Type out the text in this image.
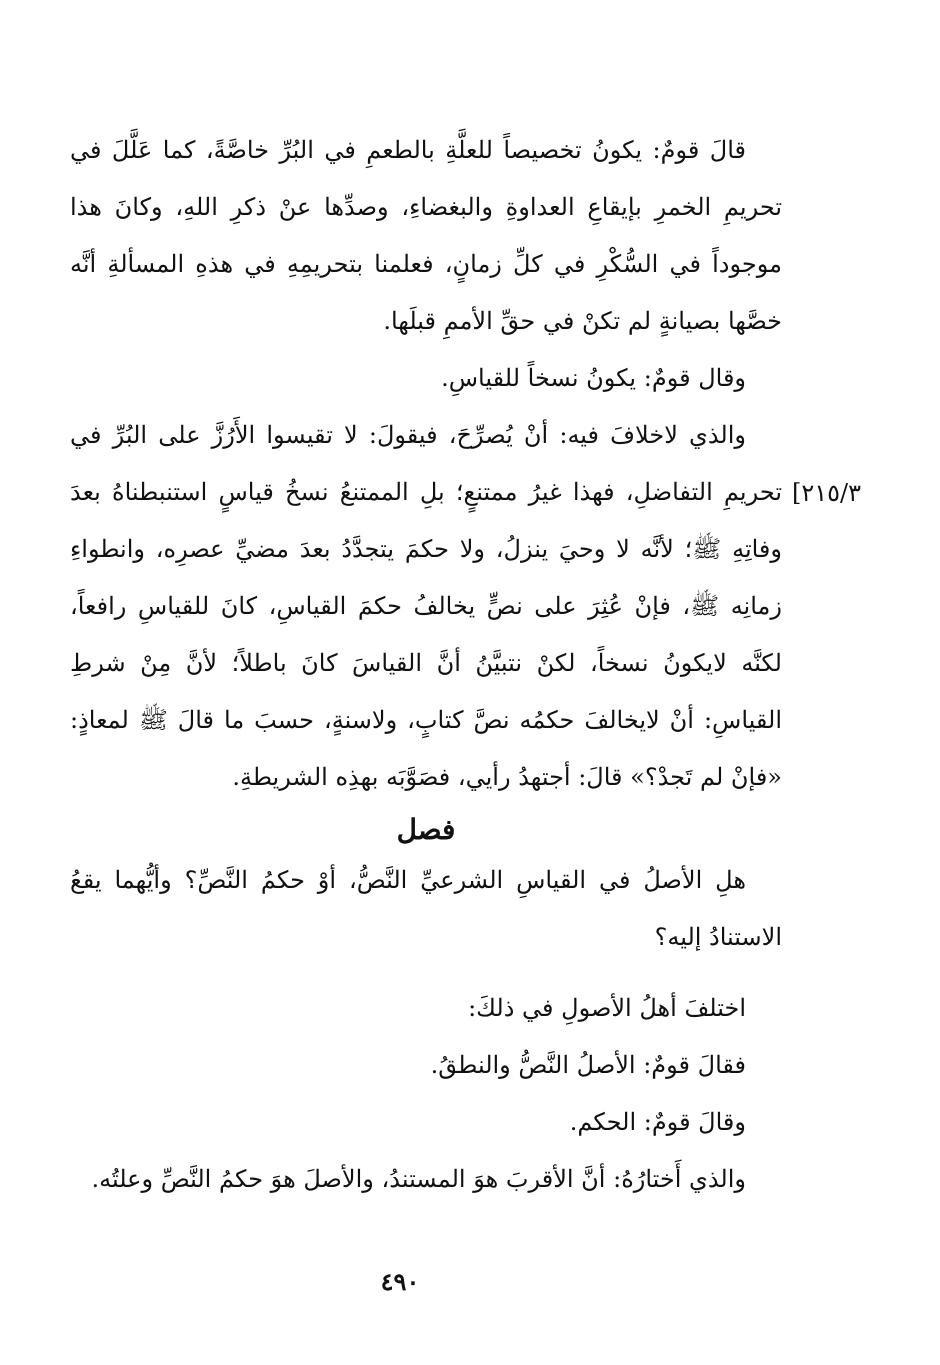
قالَ قومٌ: يكونُ تخصيصاً للعلَّةِ بالطعمِ في البُرِّ خاصَّةً، كما عَلَّلَ في تحريمِ الخمرِ بإيقاعِ العداوةِ والبغضاءِ، وصدِّها عنْ ذكرِ اللهِ، وكانَ هذا موجوداً في السُّكْرِ في كلِّ زمانٍ، فعلمنا بتحريمِهِ في هذهِ المسألةِ أنَّه خصَّها بصيانةٍ لم تكنْ في حقِّ الأممِ قبلَها.

وقال قومٌ: يكونُ نسخاً للقياسِ.

والذي لاخلافَ فيه: أنْ يُصرِّحَ، فيقولَ: لا تقيسوا الأَرُزَّ على البُرِّ في تحريمِ التفاضلِ، فهذا غيرُ ممتنعٍ؛ بلِ الممتنعُ نسخُ قياسٍ استنبطناهُ بعدَ وفاتِهِ ﷺ؛ لأنَّه لا وحيَ ينزلُ، ولا حكمَ يتجدَّدُ بعدَ مضيِّ عصرِه، وانطواءِ زمانِه ﷺ، فإنْ عُثِرَ على نصٍّ يخالفُ حكمَ القياسِ، كانَ للقياسِ رافعاً، لكنَّه لايكونُ نسخاً، لكنْ نتبيَّنُ أنَّ القياسَ كانَ باطلاً؛ لأنَّ مِنْ شرطِ القياسِ: أنْ لايخالفَ حكمُه نصَّ كتابٍ، ولاسنةٍ، حسبَ ما قالَ ﷺ لمعاذٍ: «فإنْ لم تَجدْ؟» قالَ: أجتهدُ رأيي، فصَوَّبَه بهذِه الشريطةِ.

[٢١٥/٣
فصل

هلِ الأصلُ في القياسِ الشرعيِّ النَّصُّ، أوْ حكمُ النَّصِّ؟ وأيُّهما يقعُ الاستنادُ إليه؟

اختلفَ أهلُ الأصولِ في ذلكَ:

فقالَ قومٌ: الأصلُ النَّصُّ والنطقُ.

وقالَ قومٌ: الحكم.

والذي أَختارُهُ: أنَّ الأقربَ هوَ المستندُ، والأصلَ هوَ حكمُ النَّصِّ وعلتُه.

٤٩٠
